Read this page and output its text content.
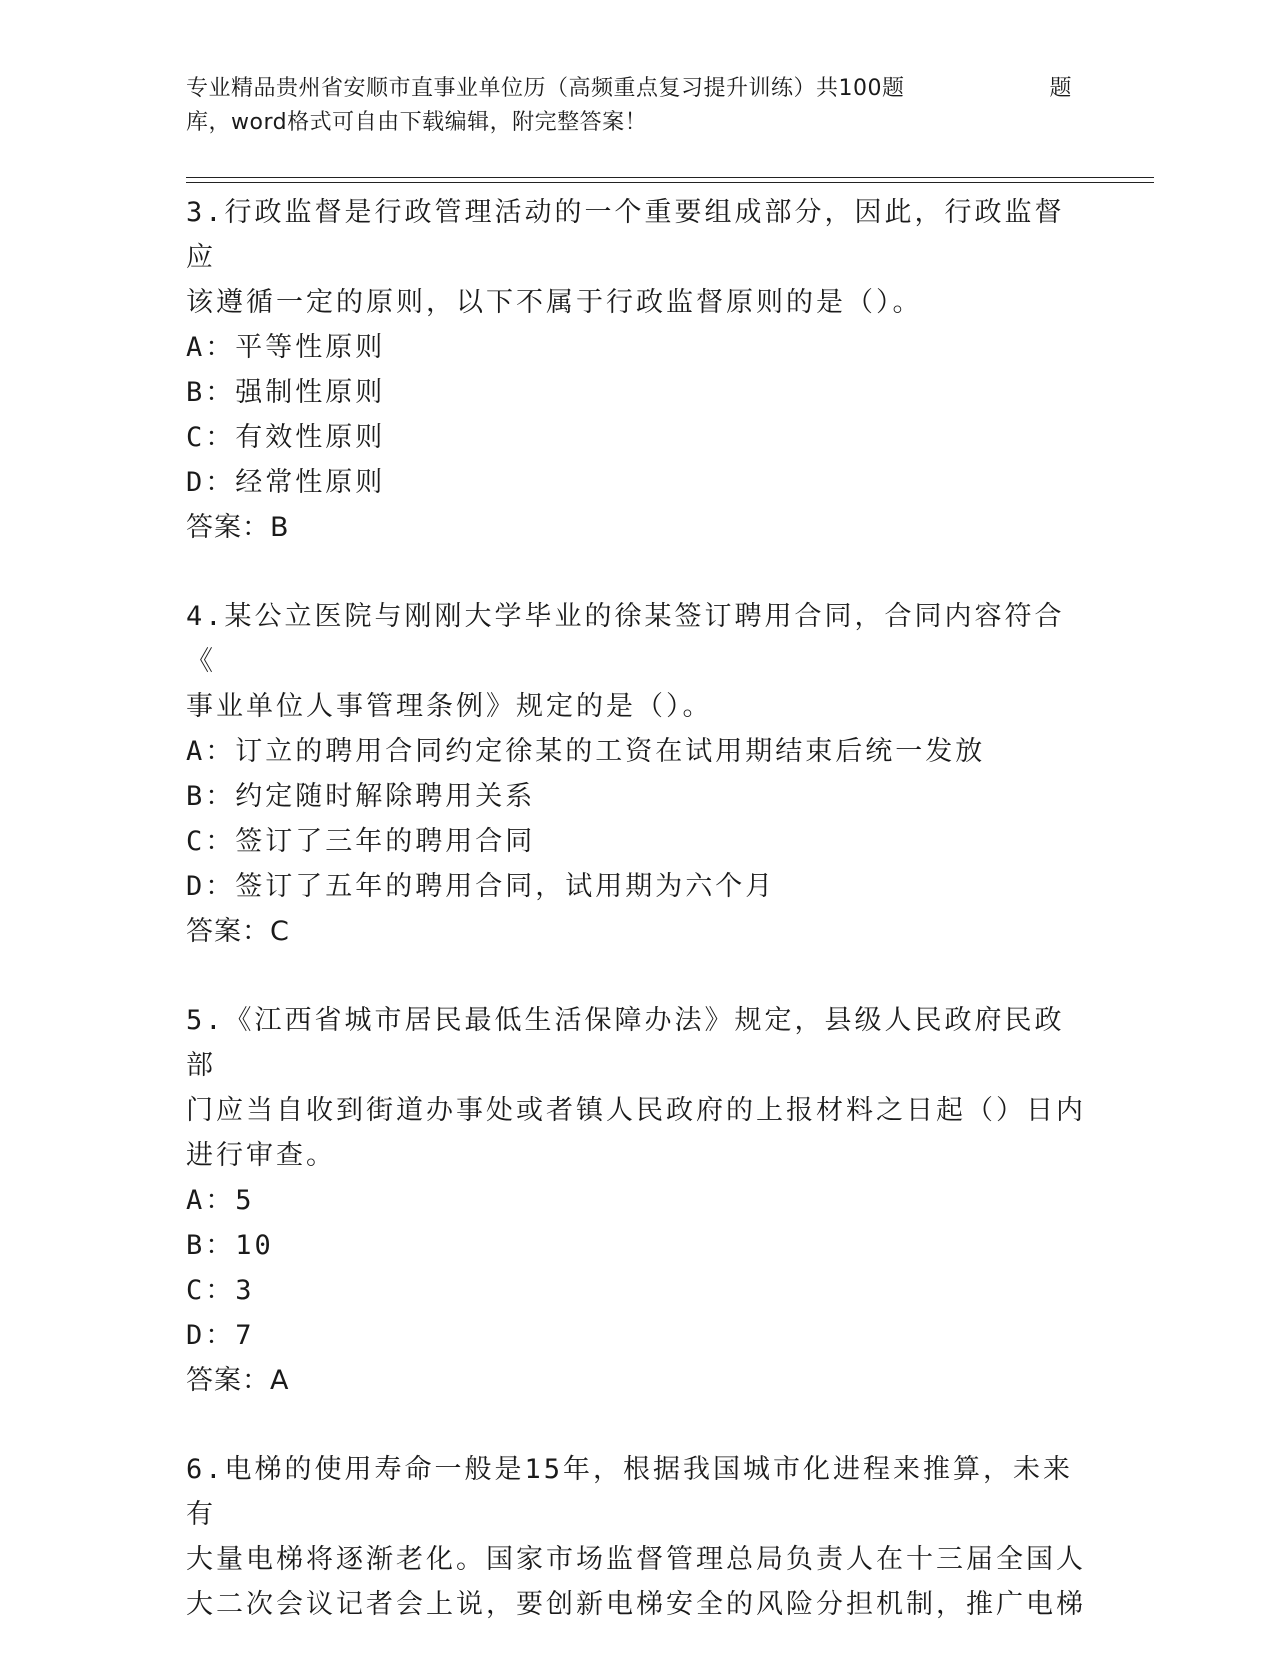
专业精品贵州省安顺市直事业单位历（高频重点复习提升训练）共100题	题
库，word格式可自由下载编辑，附完整答案！

3.行政监督是行政管理活动的一个重要组成部分，因此，行政监督应

该遵循一定的原则，以下不属于行政监督原则的是（）。

A：平等性原则

B：强制性原则

C：有效性原则

D：经常性原则

答案：B

4.某公立医院与刚刚大学毕业的徐某签订聘用合同，合同内容符合《

事业单位人事管理条例》规定的是（）。

A：订立的聘用合同约定徐某的工资在试用期结束后统一发放

B：约定随时解除聘用关系

C：签订了三年的聘用合同

D：签订了五年的聘用合同，试用期为六个月

答案：C

5.《江西省城市居民最低生活保障办法》规定，县级人民政府民政部

门应当自收到街道办事处或者镇人民政府的上报材料之日起（）日内

进行审查。

A：5

B：10

C：3

D：7

答案：A

6.电梯的使用寿命一般是15年，根据我国城市化进程来推算，未来有

大量电梯将逐渐老化。国家市场监督管理总局负责人在十三届全国人

大二次会议记者会上说，要创新电梯安全的风险分担机制，推广电梯
